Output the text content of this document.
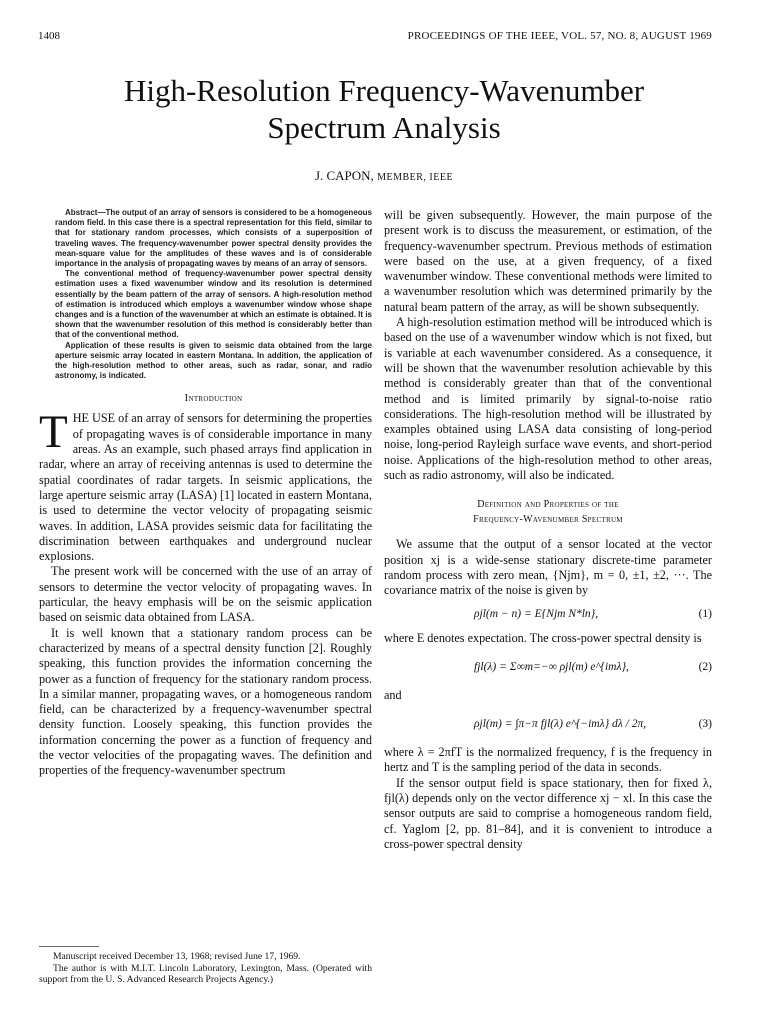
1408	PROCEEDINGS OF THE IEEE, VOL. 57, NO. 8, AUGUST 1969
High-Resolution Frequency-Wavenumber
Spectrum Analysis
J. CAPON, MEMBER, IEEE

Abstract—The output of an array of sensors is considered to be a homogeneous random field. In this case there is a spectral representation for this field, similar to that for stationary random processes, which consists of a superposition of traveling waves. The frequency-wavenumber power spectral density provides the mean-square value for the amplitudes of these waves and is of considerable importance in the analysis of propagating waves by means of an array of sensors.

The conventional method of frequency-wavenumber power spectral density estimation uses a fixed wavenumber window and its resolution is determined essentially by the beam pattern of the array of sensors. A high-resolution method of estimation is introduced which employs a wavenumber window whose shape changes and is a function of the wavenumber at which an estimate is obtained. It is shown that the wavenumber resolution of this method is considerably better than that of the conventional method.

Application of these results is given to seismic data obtained from the large aperture seismic array located in eastern Montana. In addition, the application of the high-resolution method to other areas, such as radar, sonar, and radio astronomy, is indicated.

Introduction

THE USE of an array of sensors for determining the properties of propagating waves is of considerable importance in many areas. As an example, such phased arrays find application in radar, where an array of receiving antennas is used to determine the spatial coordinates of radar targets. In seismic applications, the large aperture seismic array (LASA) [1] located in eastern Montana, is used to determine the vector velocity of propagating seismic waves. In addition, LASA provides seismic data for facilitating the discrimination between earthquakes and underground nuclear explosions.

The present work will be concerned with the use of an array of sensors to determine the vector velocity of propagating waves. In particular, the heavy emphasis will be on the seismic application based on seismic data obtained from LASA.

It is well known that a stationary random process can be characterized by means of a spectral density function [2]. Roughly speaking, this function provides the information concerning the power as a function of frequency for the stationary random process. In a similar manner, propagating waves, or a homogeneous random field, can be characterized by a frequency-wavenumber spectral density function. Loosely speaking, this function provides the information concerning the power as a function of frequency and the vector velocities of the propagating waves. The definition and properties of the frequency-wavenumber spectrum

will be given subsequently. However, the main purpose of the present work is to discuss the measurement, or estimation, of the frequency-wavenumber spectrum. Previous methods of estimation were based on the use, at a given frequency, of a fixed wavenumber window. These conventional methods were limited to a wavenumber resolution which was determined primarily by the natural beam pattern of the array, as will be shown subsequently.

A high-resolution estimation method will be introduced which is based on the use of a wavenumber window which is not fixed, but is variable at each wavenumber considered. As a consequence, it will be shown that the wavenumber resolution achievable by this method is considerably greater than that of the conventional method and is limited primarily by signal-to-noise ratio considerations. The high-resolution method will be illustrated by examples obtained using LASA data consisting of long-period noise, long-period Rayleigh surface wave events, and short-period noise. Applications of the high-resolution method to other areas, such as radio astronomy, will also be indicated.

Definition and Properties of the
Frequency-Wavenumber Spectrum

We assume that the output of a sensor located at the vector position xj is a wide-sense stationary discrete-time parameter random process with zero mean, {Njm}, m = 0, ±1, ±2, ···. The covariance matrix of the noise is given by

ρjl(m − n) = E{Njm N*ln},	(1)

where E denotes expectation. The cross-power spectral density is

fjl(λ) = Σ∞m=−∞ ρjl(m) e^{imλ},	(2)

and

ρjl(m) = ∫π−π fjl(λ) e^{−imλ} dλ / 2π,	(3)

where λ = 2πfT is the normalized frequency, f is the frequency in hertz and T is the sampling period of the data in seconds.

If the sensor output field is space stationary, then for fixed λ, fjl(λ) depends only on the vector difference xj − xl. In this case the sensor outputs are said to comprise a homogeneous random field, cf. Yaglom [2, pp. 81–84], and it is convenient to introduce a cross-power spectral density

Manuscript received December 13, 1968; revised June 17, 1969.

The author is with M.I.T. Lincoln Laboratory, Lexington, Mass. (Operated with support from the U. S. Advanced Research Projects Agency.)
